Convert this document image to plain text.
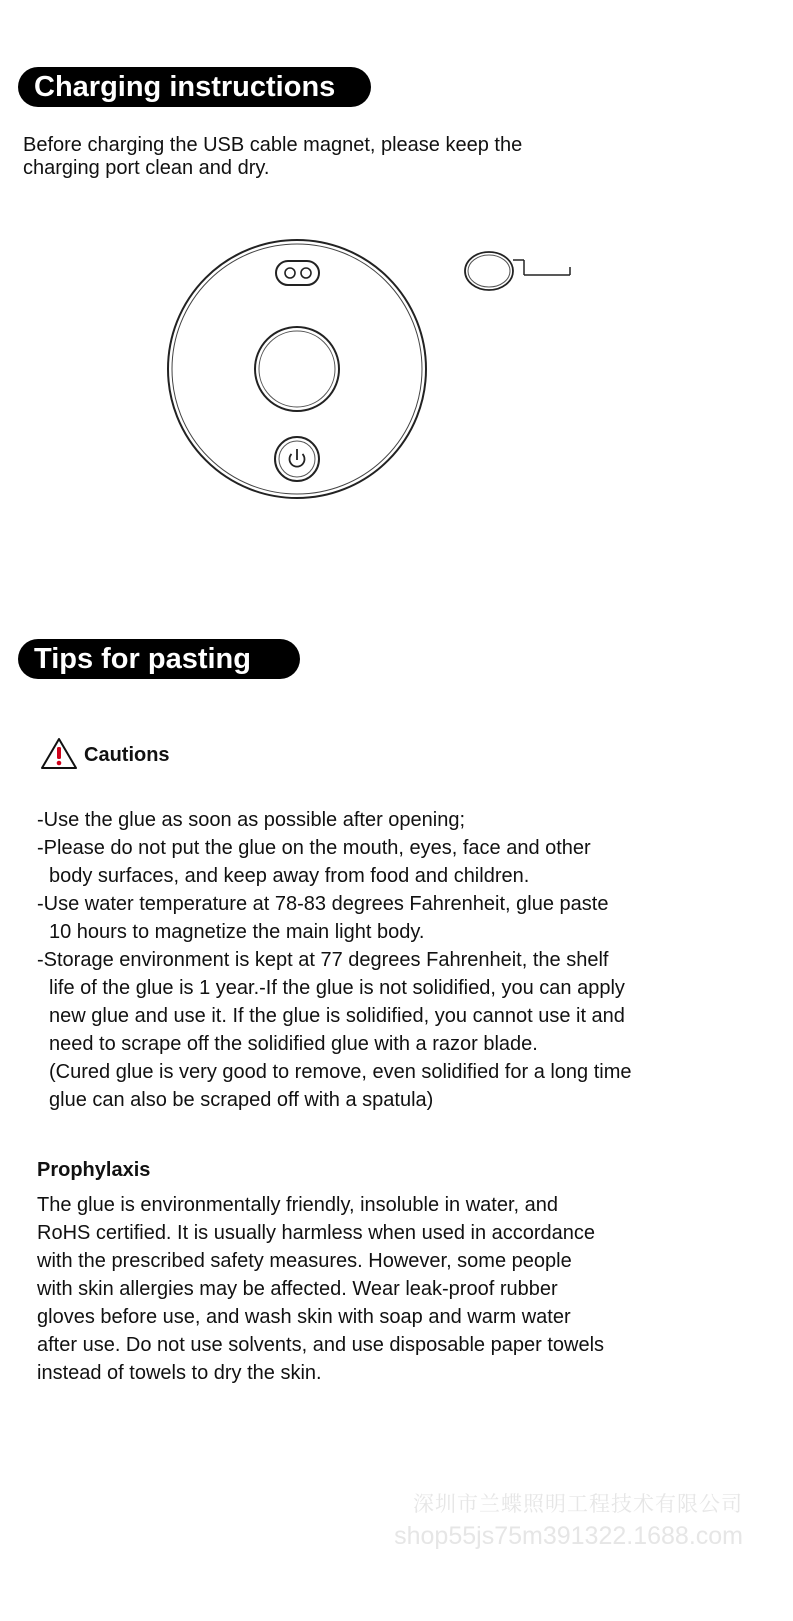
Charging instructions
Before charging the USB cable magnet, please keep the
charging port clean and dry.
Tips for pasting
Cautions
-Use the glue as soon as possible after opening;
-Please do not put the glue on the mouth, eyes, face and other
body surfaces, and keep away from food and children.
-Use water temperature at 78-83 degrees Fahrenheit, glue paste
10 hours to magnetize the main light body.
-Storage environment is kept at 77 degrees Fahrenheit, the shelf
life of the glue is 1 year.-If the glue is not solidified, you can apply
new glue and use it. If the glue is solidified, you cannot use it and
need to scrape off the solidified glue with a razor blade.
(Cured glue is very good to remove, even solidified for a long time
glue can also be scraped off with a spatula)
Prophylaxis
The glue is environmentally friendly, insoluble in water, and
RoHS certified. It is usually harmless when used in accordance
with the prescribed safety measures. However, some people
with skin allergies may be affected. Wear leak-proof rubber
gloves before use, and wash skin with soap and warm water
after use. Do not use solvents, and use disposable paper towels
instead of towels to dry the skin.
深圳市兰蝶照明工程技术有限公司
shop55js75m391322.1688.com
